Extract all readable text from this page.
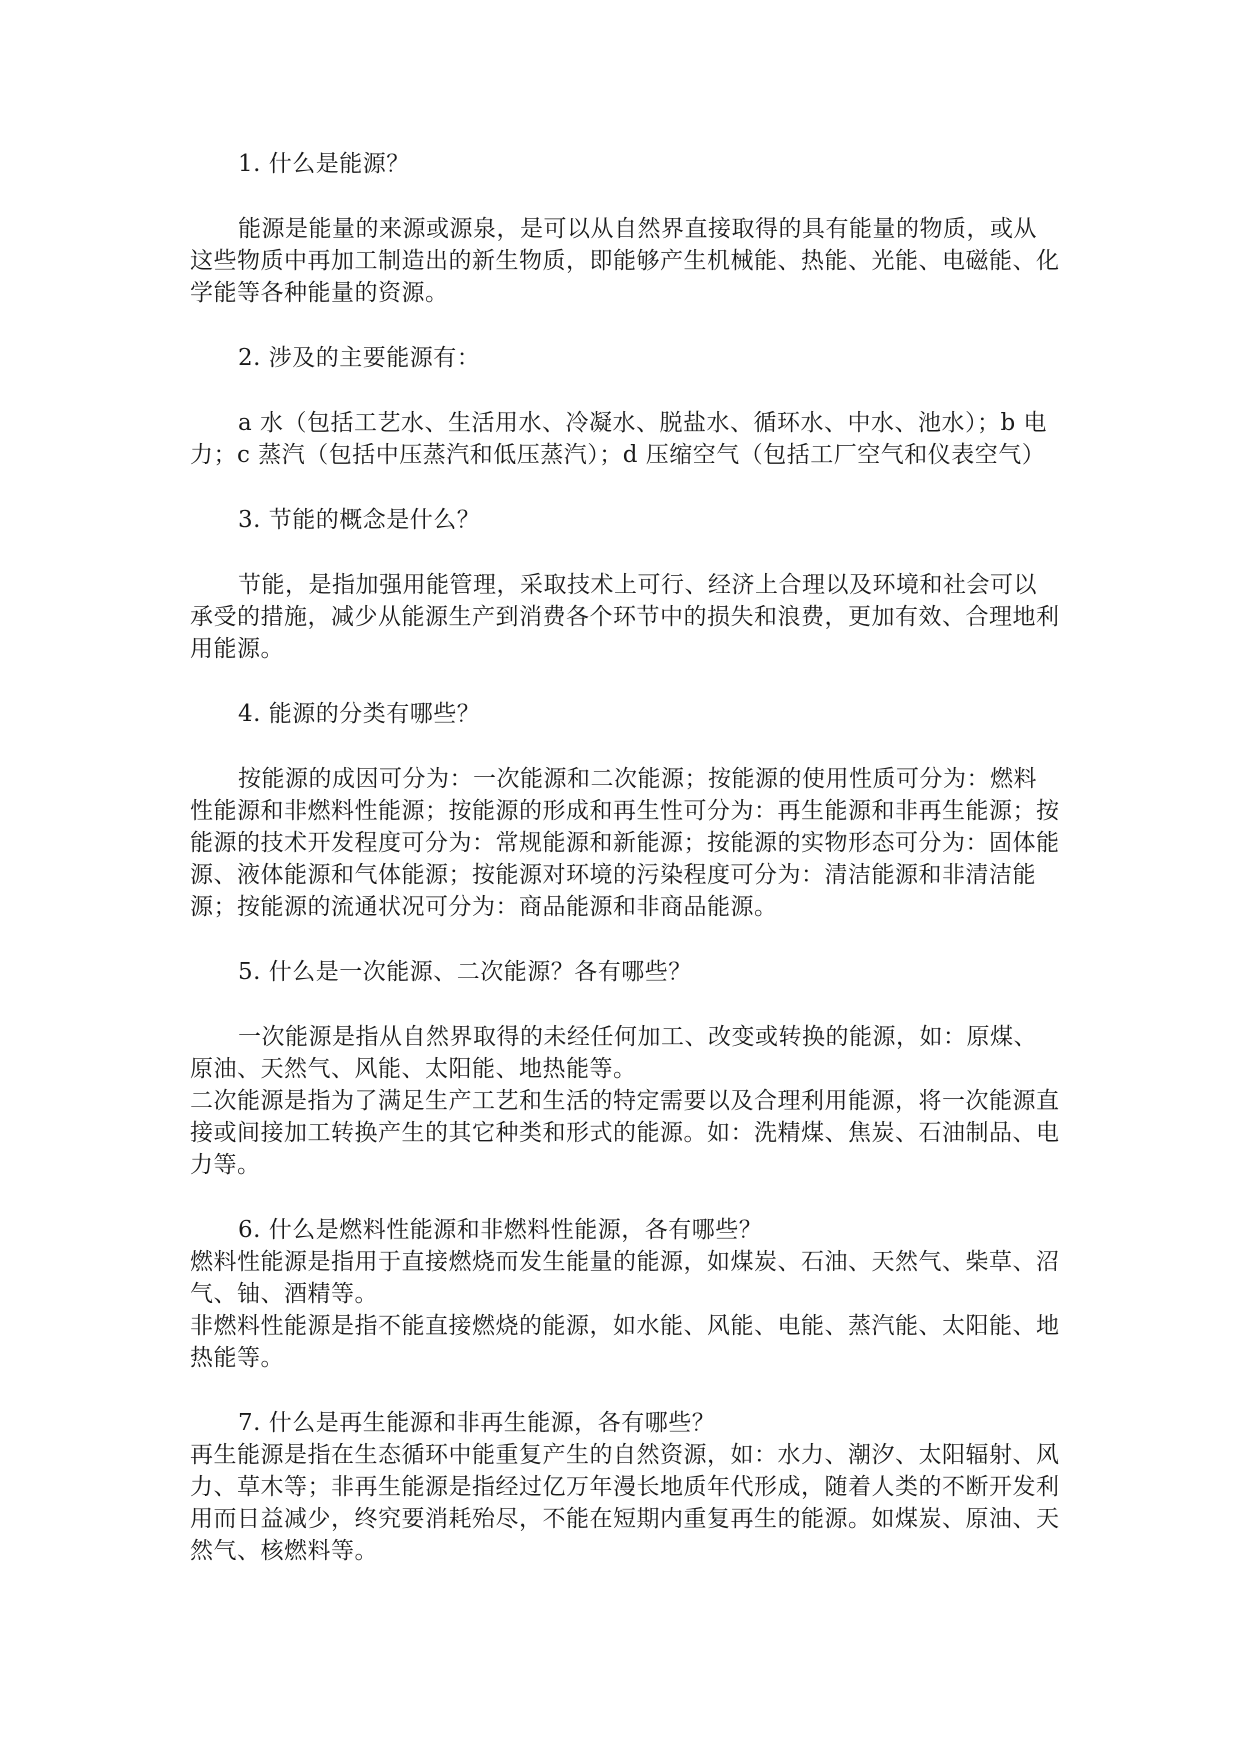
1. 什么是能源？

能源是能量的来源或源泉，是可以从自然界直接取得的具有能量的物质，或从这些物质中再加工制造出的新生物质，即能够产生机械能、热能、光能、电磁能、化学能等各种能量的资源。

2. 涉及的主要能源有：

a 水（包括工艺水、生活用水、冷凝水、脱盐水、循环水、中水、池水）；b 电力；c 蒸汽（包括中压蒸汽和低压蒸汽）；d 压缩空气（包括工厂空气和仪表空气）

3. 节能的概念是什么？

节能，是指加强用能管理，采取技术上可行、经济上合理以及环境和社会可以承受的措施，减少从能源生产到消费各个环节中的损失和浪费，更加有效、合理地利用能源。

4. 能源的分类有哪些？

按能源的成因可分为：一次能源和二次能源；按能源的使用性质可分为：燃料性能源和非燃料性能源；按能源的形成和再生性可分为：再生能源和非再生能源；按能源的技术开发程度可分为：常规能源和新能源；按能源的实物形态可分为：固体能源、液体能源和气体能源；按能源对环境的污染程度可分为：清洁能源和非清洁能源；按能源的流通状况可分为：商品能源和非商品能源。

5. 什么是一次能源、二次能源？各有哪些？

一次能源是指从自然界取得的未经任何加工、改变或转换的能源，如：原煤、原油、天然气、风能、太阳能、地热能等。

二次能源是指为了满足生产工艺和生活的特定需要以及合理利用能源，将一次能源直接或间接加工转换产生的其它种类和形式的能源。如：洗精煤、焦炭、石油制品、电力等。

6. 什么是燃料性能源和非燃料性能源，各有哪些？

燃料性能源是指用于直接燃烧而发生能量的能源，如煤炭、石油、天然气、柴草、沼气、铀、酒精等。

非燃料性能源是指不能直接燃烧的能源，如水能、风能、电能、蒸汽能、太阳能、地热能等。

7. 什么是再生能源和非再生能源，各有哪些？

再生能源是指在生态循环中能重复产生的自然资源，如：水力、潮汐、太阳辐射、风力、草木等；非再生能源是指经过亿万年漫长地质年代形成，随着人类的不断开发利用而日益减少，终究要消耗殆尽，不能在短期内重复再生的能源。如煤炭、原油、天然气、核燃料等。
